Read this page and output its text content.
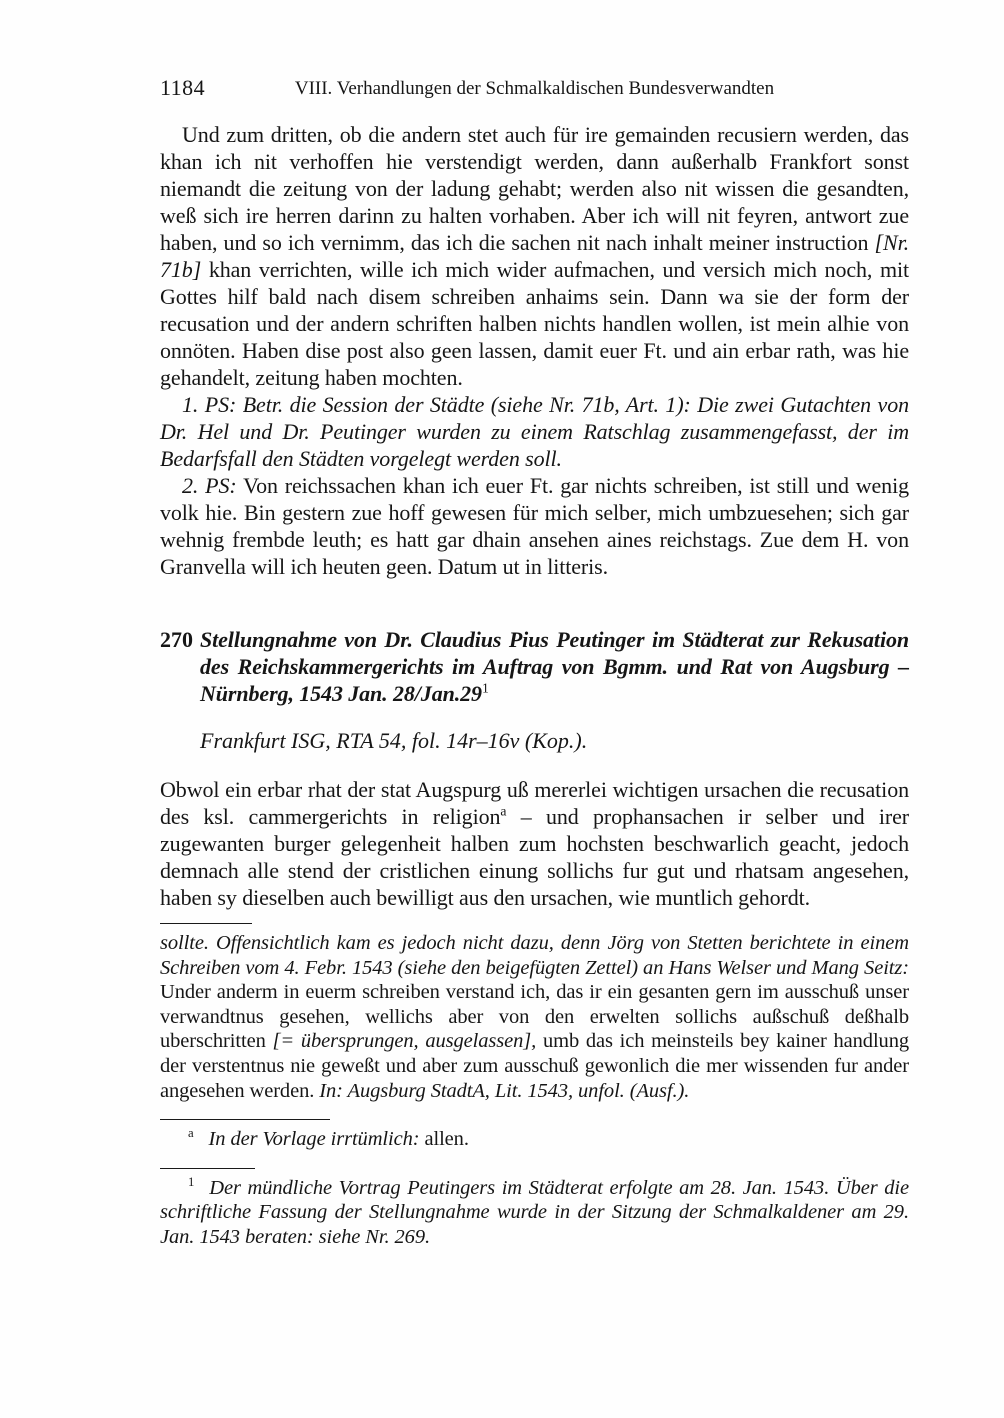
1184	VIII. Verhandlungen der Schmalkaldischen Bundesverwandten

Und zum dritten, ob die andern stet auch für ire gemainden recusiern werden, das khan ich nit verhoffen hie verstendigt werden, dann außerhalb Frankfort sonst niemandt die zeitung von der ladung gehabt; werden also nit wissen die gesandten, weß sich ire herren darinn zu halten vorhaben. Aber ich will nit feyren, antwort zue haben, und so ich vernimm, das ich die sachen nit nach inhalt meiner instruction [Nr. 71b] khan verrichten, wille ich mich wider aufmachen, und versich mich noch, mit Gottes hilf bald nach disem schreiben anhaims sein. Dann wa sie der form der recusation und der andern schriften halben nichts handlen wollen, ist mein alhie von onnöten. Haben dise post also geen lassen, damit euer Ft. und ain erbar rath, was hie gehandelt, zeitung haben mochten.

1. PS: Betr. die Session der Städte (siehe Nr. 71b, Art. 1): Die zwei Gutachten von Dr. Hel und Dr. Peutinger wurden zu einem Ratschlag zusammengefasst, der im Bedarfsfall den Städten vorgelegt werden soll.

2. PS: Von reichssachen khan ich euer Ft. gar nichts schreiben, ist still und wenig volk hie. Bin gestern zue hoff gewesen für mich selber, mich umbzuesehen; sich gar wehnig frembde leuth; es hatt gar dhain ansehen aines reichstags. Zue dem H. von Granvella will ich heuten geen. Datum ut in litteris.

270 Stellungnahme von Dr. Claudius Pius Peutinger im Städterat zur Rekusation des Reichskammergerichts im Auftrag von Bgmm. und Rat von Augsburg – Nürnberg, 1543 Jan. $28/Jan.29^1$
Frankfurt ISG, RTA 54, fol. 14r–16v (Kop.).

Obwol ein erbar rhat der stat Augspurg uß mererlei wichtigen ursachen die recusation des ksl. cammergerichts in religion$^a$ – und prophansachen ir selber und irer zugewanten burger gelegenheit halben zum hochsten beschwarlich geacht, jedoch demnach alle stend der cristlichen einung sollichs fur gut und rhatsam angesehen, haben sy dieselben auch bewilligt aus den ursachen, wie muntlich gehordt.

sollte. Offensichtlich kam es jedoch nicht dazu, denn Jörg von Stetten berichtete in einem Schreiben vom 4. Febr. 1543 (siehe den beigefügten Zettel) an Hans Welser und Mang Seitz: Under anderm in euerm schreiben verstand ich, das ir ein gesanten gern im ausschuß unser verwandtnus gesehen, wellichs aber von den erwelten sollichs außschuß deßhalb uberschritten [= übersprungen, ausgelassen], umb das ich meinsteils bey kainer handlung der verstentnus nie geweßt und aber zum ausschuß gewonlich die mer wissenden fur ander angesehen werden. In: Augsburg StadtA, Lit. 1543, unfol. (Ausf.).

$^a$ In der Vorlage irrtümlich: allen.

$^1$ Der mündliche Vortrag Peutingers im Städterat erfolgte am 28. Jan. 1543. Über die schriftliche Fassung der Stellungnahme wurde in der Sitzung der Schmalkaldener am 29. Jan. 1543 beraten: siehe Nr. 269.
